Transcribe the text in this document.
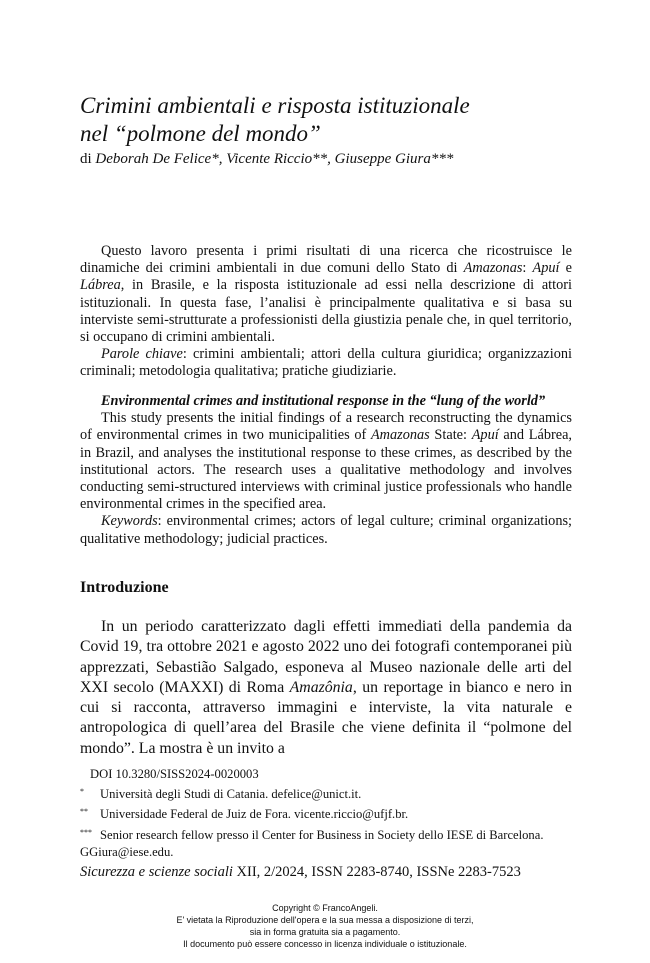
Crimini ambientali e risposta istituzionale
nel “polmone del mondo”
di Deborah De Felice*, Vicente Riccio**, Giuseppe Giura***

Questo lavoro presenta i primi risultati di una ricerca che ricostruisce le dinamiche dei crimini ambientali in due comuni dello Stato di Amazonas: Apuí e Lábrea, in Brasile, e la risposta istituzionale ad essi nella descrizione di attori istituzionali. In questa fase, l’analisi è principalmente qualitativa e si basa su interviste semi-strutturate a professionisti della giustizia penale che, in quel territorio, si occupano di crimini ambientali.

Parole chiave: crimini ambientali; attori della cultura giuridica; organizzazioni criminali; metodologia qualitativa; pratiche giudiziarie.

Environmental crimes and institutional response in the “lung of the world”

This study presents the initial findings of a research reconstructing the dynamics of environmental crimes in two municipalities of Amazonas State: Apuí and Lábrea, in Brazil, and analyses the institutional response to these crimes, as described by the institutional actors. The research uses a qualitative methodology and involves conducting semi-structured interviews with criminal justice professionals who handle environmental crimes in the specified area.

Keywords: environmental crimes; actors of legal culture; criminal organizations; qualitative methodology; judicial practices.

Introduzione

In un periodo caratterizzato dagli effetti immediati della pandemia da Covid 19, tra ottobre 2021 e agosto 2022 uno dei fotografi contemporanei più apprezzati, Sebastião Salgado, esponeva al Museo nazionale delle arti del XXI secolo (MAXXI) di Roma Amazônia, un reportage in bianco e nero in cui si racconta, attraverso immagini e interviste, la vita naturale e antropologica di quell’area del Brasile che viene definita il “polmone del mondo”. La mostra è un invito a

DOI 10.3280/SISS2024-0020003
* Università degli Studi di Catania. defelice@unict.it.
** Universidade Federal de Juiz de Fora. vicente.riccio@ufjf.br.
*** Senior research fellow presso il Center for Business in Society dello IESE di Barcelona. GGiura@iese.edu.
Sicurezza e scienze sociali XII, 2/2024, ISSN 2283-8740, ISSNe 2283-7523
Copyright © FrancoAngeli.
E' vietata la Riproduzione dell'opera e la sua messa a disposizione di terzi,
sia in forma gratuita sia a pagamento.
Il documento può essere concesso in licenza individuale o istituzionale.
